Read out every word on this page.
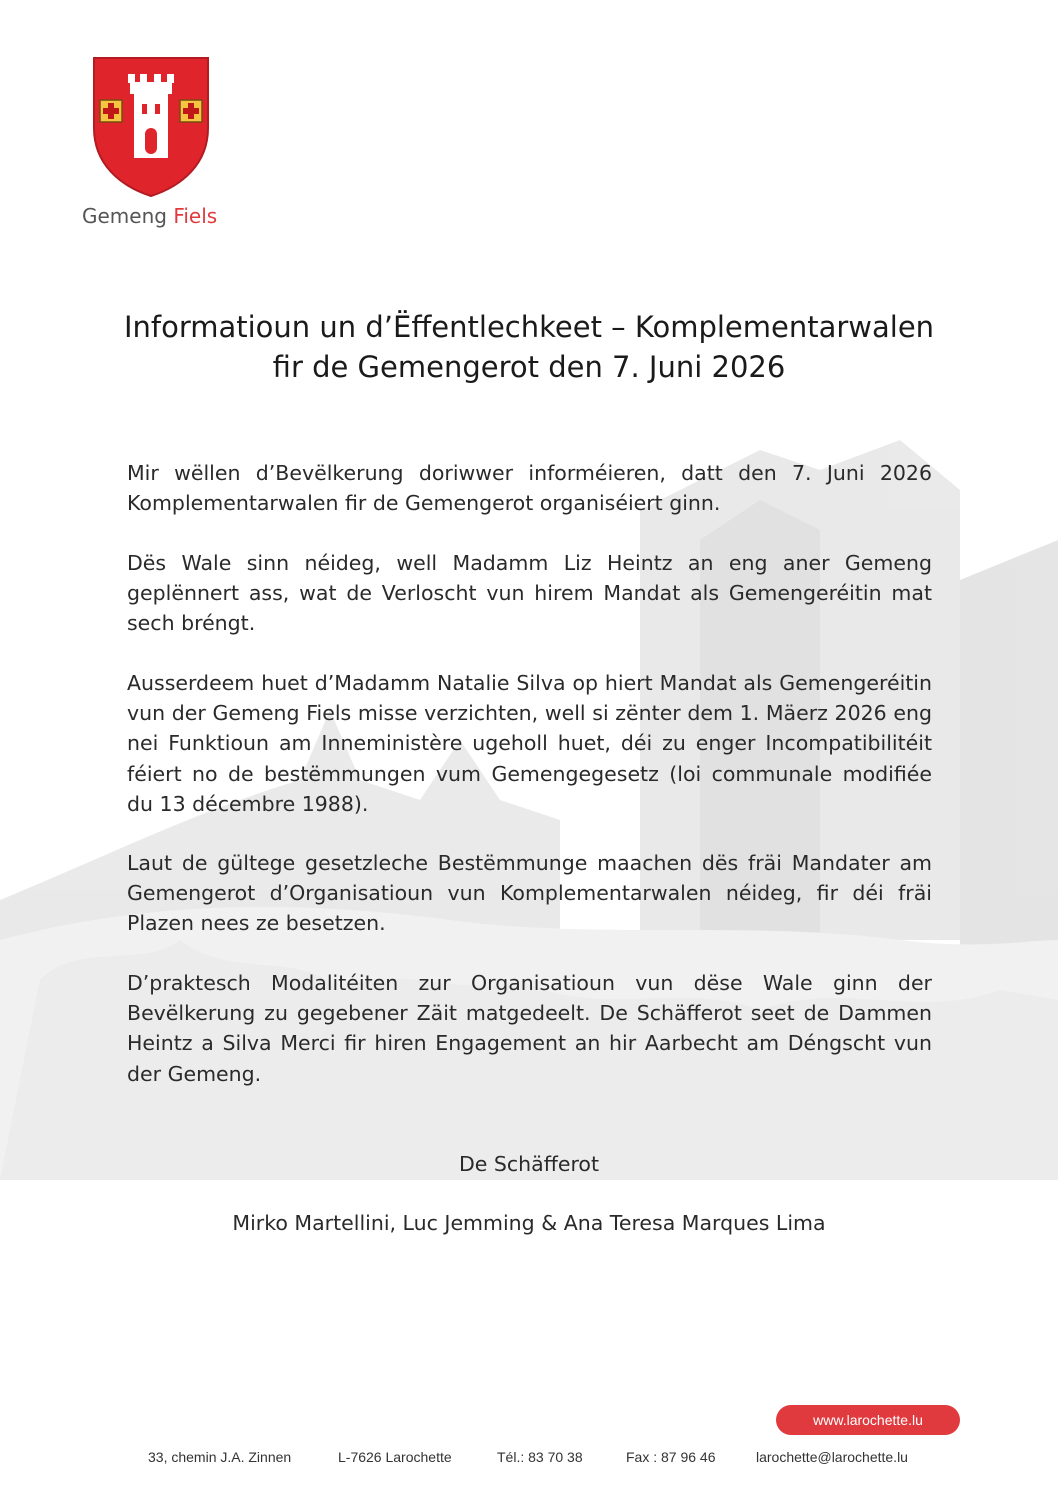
Gemeng Fiels
Informatioun un d’Ëffentlechkeet – Komplementarwalen fir de Gemengerot den 7. Juni 2026

Mir wëllen d’Bevëlkerung doriwwer informéieren, datt den 7. Juni 2026 Komplementarwalen fir de Gemengerot organiséiert ginn.

Dës Wale sinn néideg, well Madamm Liz Heintz an eng aner Gemeng geplënnert ass, wat de Verloscht vun hirem Mandat als Gemengeréitin mat sech bréngt.

Ausserdeem huet d’Madamm Natalie Silva op hiert Mandat als Gemengeréitin vun der Gemeng Fiels misse verzichten, well si zënter dem 1. Mäerz 2026 eng nei Funktioun am Inneministère ugeholl huet, déi zu enger Incompatibilitéit féiert no de bestëmmungen vum Gemengegesetz (loi communale modifiée du 13 décembre 1988).

Laut de gültege gesetzleche Bestëmmunge maachen dës fräi Mandater am Gemengerot d’Organisatioun vun Komplementarwalen néideg, fir déi fräi Plazen nees ze besetzen.

D’praktesch Modalitéiten zur Organisatioun vun dëse Wale ginn der Bevëlkerung zu gegebener Zäit matgedeelt. De Schäfferot seet de Dammen Heintz a Silva Merci fir hiren Engagement an hir Aarbecht am Déngscht vun der Gemeng.

De Schäfferot

Mirko Martellini, Luc Jemming & Ana Teresa Marques Lima

www.larochette.lu
33, chemin J.A. Zinnen	L-7626 Larochette	Tél.: 83 70 38	Fax : 87 96 46	larochette@larochette.lu
